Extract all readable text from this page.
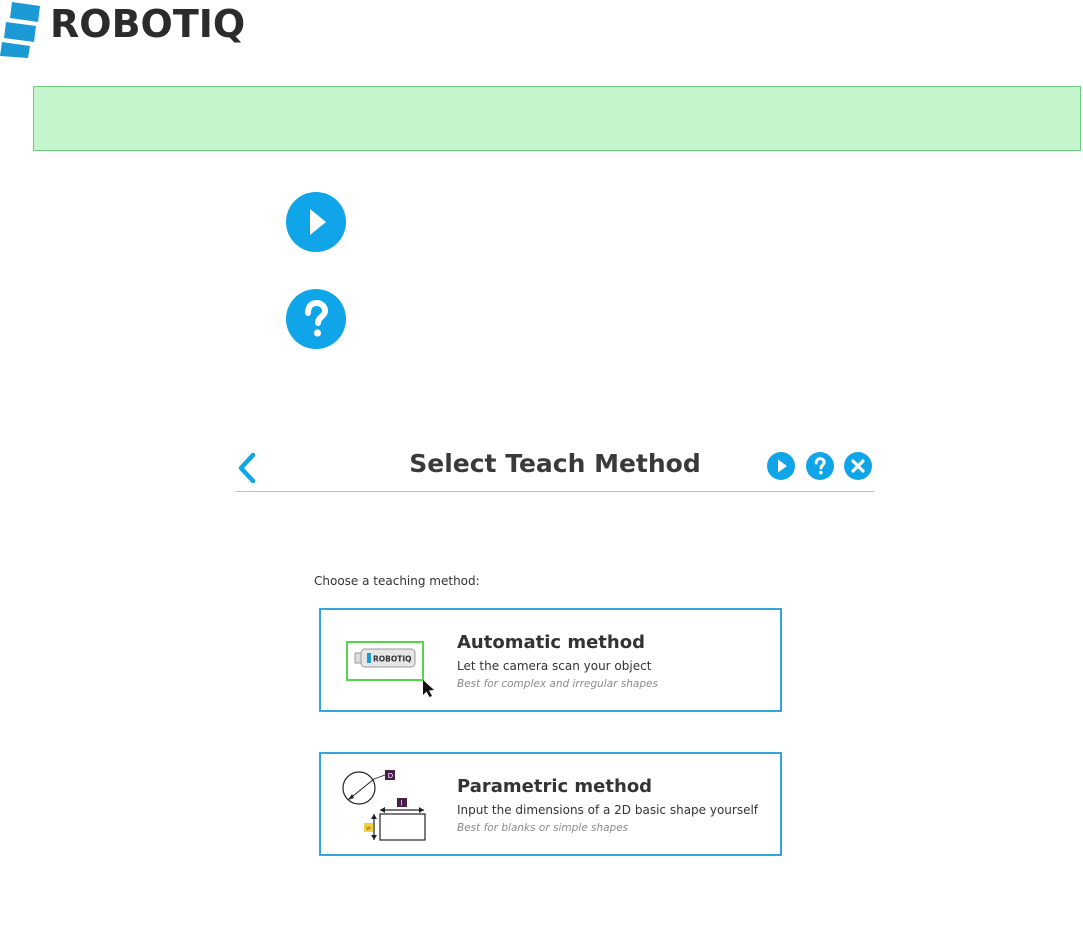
ROBOTIQ
Select Teach Method
Choose a teaching method:
ROBOTIQ
Automatic method
Let the camera scan your object
Best for complex and irregular shapes
D
l
w
Parametric method
Input the dimensions of a 2D basic shape yourself
Best for blanks or simple shapes
